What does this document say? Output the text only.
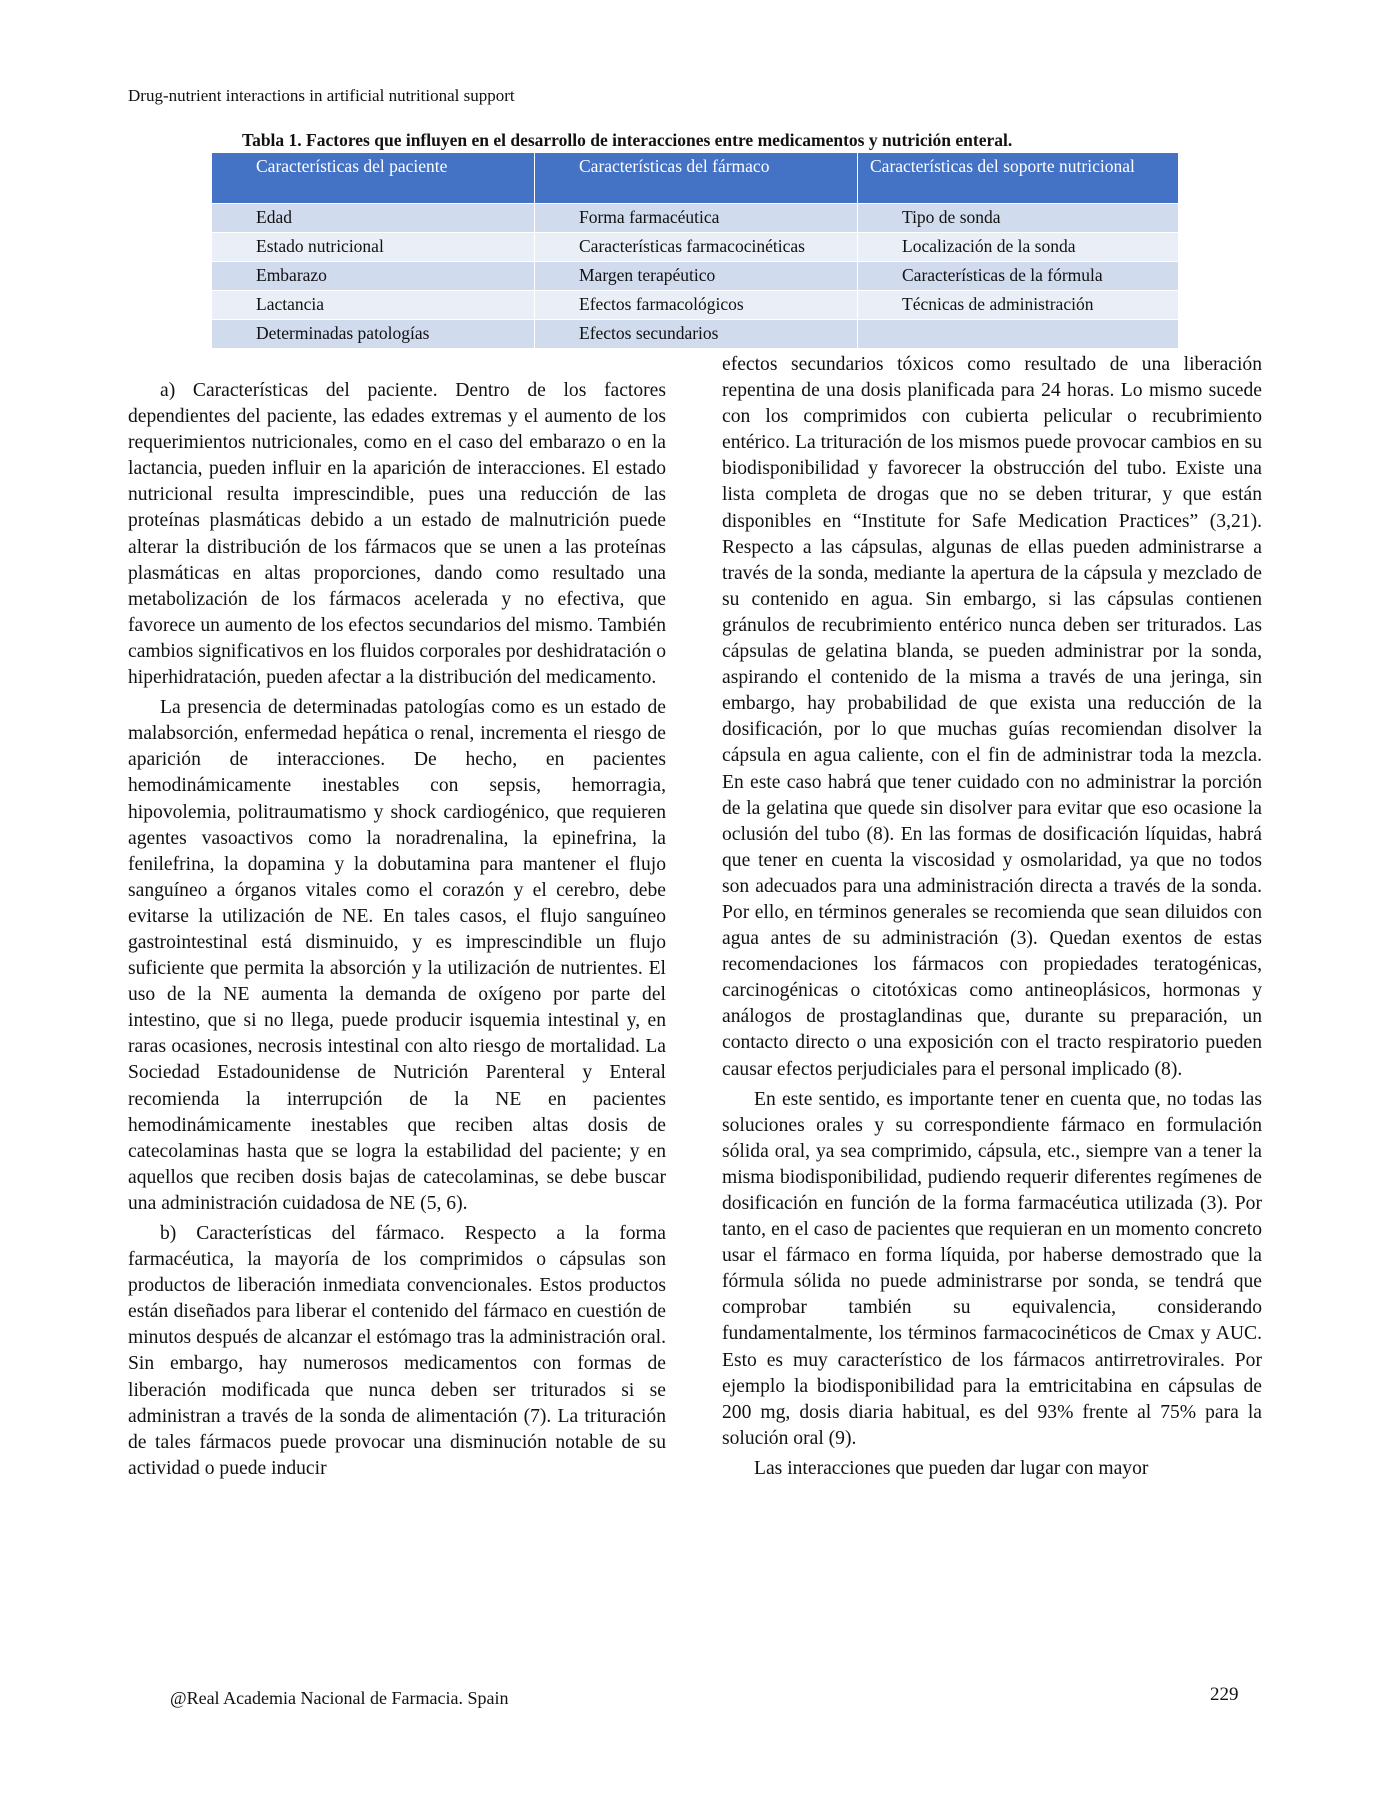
Drug-nutrient interactions in artificial nutritional support
Tabla 1. Factores que influyen en el desarrollo de interacciones entre medicamentos y nutrición enteral.
Características del paciente	Características del fármaco	Características del soporte nutricional
Edad	Forma farmacéutica	Tipo de sonda
Estado nutricional	Características farmacocinéticas	Localización de la sonda
Embarazo	Margen terapéutico	Características de la fórmula
Lactancia	Efectos farmacológicos	Técnicas de administración
Determinadas patologías	Efectos secundarios	

a) Características del paciente. Dentro de los factores dependientes del paciente, las edades extremas y el aumento de los requerimientos nutricionales, como en el caso del embarazo o en la lactancia, pueden influir en la aparición de interacciones. El estado nutricional resulta imprescindible, pues una reducción de las proteínas plasmáticas debido a un estado de malnutrición puede alterar la distribución de los fármacos que se unen a las proteínas plasmáticas en altas proporciones, dando como resultado una metabolización de los fármacos acelerada y no efectiva, que favorece un aumento de los efectos secundarios del mismo. También cambios significativos en los fluidos corporales por deshidratación o hiperhidratación, pueden afectar a la distribución del medicamento.

La presencia de determinadas patologías como es un estado de malabsorción, enfermedad hepática o renal, incrementa el riesgo de aparición de interacciones. De hecho, en pacientes hemodinámicamente inestables con sepsis, hemorragia, hipovolemia, politraumatismo y shock cardiogénico, que requieren agentes vasoactivos como la noradrenalina, la epinefrina, la fenilefrina, la dopamina y la dobutamina para mantener el flujo sanguíneo a órganos vitales como el corazón y el cerebro, debe evitarse la utilización de NE. En tales casos, el flujo sanguíneo gastrointestinal está disminuido, y es imprescindible un flujo suficiente que permita la absorción y la utilización de nutrientes. El uso de la NE aumenta la demanda de oxígeno por parte del intestino, que si no llega, puede producir isquemia intestinal y, en raras ocasiones, necrosis intestinal con alto riesgo de mortalidad. La Sociedad Estadounidense de Nutrición Parenteral y Enteral recomienda la interrupción de la NE en pacientes hemodinámicamente inestables que reciben altas dosis de catecolaminas hasta que se logra la estabilidad del paciente; y en aquellos que reciben dosis bajas de catecolaminas, se debe buscar una administración cuidadosa de NE (5, 6).

b) Características del fármaco. Respecto a la forma farmacéutica, la mayoría de los comprimidos o cápsulas son productos de liberación inmediata convencionales. Estos productos están diseñados para liberar el contenido del fármaco en cuestión de minutos después de alcanzar el estómago tras la administración oral. Sin embargo, hay numerosos medicamentos con formas de liberación modificada que nunca deben ser triturados si se administran a través de la sonda de alimentación (7). La trituración de tales fármacos puede provocar una disminución notable de su actividad o puede inducir

efectos secundarios tóxicos como resultado de una liberación repentina de una dosis planificada para 24 horas. Lo mismo sucede con los comprimidos con cubierta pelicular o recubrimiento entérico. La trituración de los mismos puede provocar cambios en su biodisponibilidad y favorecer la obstrucción del tubo. Existe una lista completa de drogas que no se deben triturar, y que están disponibles en “Institute for Safe Medication Practices” (3,21). Respecto a las cápsulas, algunas de ellas pueden administrarse a través de la sonda, mediante la apertura de la cápsula y mezclado de su contenido en agua. Sin embargo, si las cápsulas contienen gránulos de recubrimiento entérico nunca deben ser triturados. Las cápsulas de gelatina blanda, se pueden administrar por la sonda, aspirando el contenido de la misma a través de una jeringa, sin embargo, hay probabilidad de que exista una reducción de la dosificación, por lo que muchas guías recomiendan disolver la cápsula en agua caliente, con el fin de administrar toda la mezcla. En este caso habrá que tener cuidado con no administrar la porción de la gelatina que quede sin disolver para evitar que eso ocasione la oclusión del tubo (8). En las formas de dosificación líquidas, habrá que tener en cuenta la viscosidad y osmolaridad, ya que no todos son adecuados para una administración directa a través de la sonda. Por ello, en términos generales se recomienda que sean diluidos con agua antes de su administración (3). Quedan exentos de estas recomendaciones los fármacos con propiedades teratogénicas, carcinogénicas o citotóxicas como antineoplásicos, hormonas y análogos de prostaglandinas que, durante su preparación, un contacto directo o una exposición con el tracto respiratorio pueden causar efectos perjudiciales para el personal implicado (8).

En este sentido, es importante tener en cuenta que, no todas las soluciones orales y su correspondiente fármaco en formulación sólida oral, ya sea comprimido, cápsula, etc., siempre van a tener la misma biodisponibilidad, pudiendo requerir diferentes regímenes de dosificación en función de la forma farmacéutica utilizada (3). Por tanto, en el caso de pacientes que requieran en un momento concreto usar el fármaco en forma líquida, por haberse demostrado que la fórmula sólida no puede administrarse por sonda, se tendrá que comprobar también su equivalencia, considerando fundamentalmente, los términos farmacocinéticos de Cmax y AUC. Esto es muy característico de los fármacos antirretrovirales. Por ejemplo la biodisponibilidad para la emtricitabina en cápsulas de 200 mg, dosis diaria habitual, es del 93% frente al 75% para la solución oral (9).

Las interacciones que pueden dar lugar con mayor

@Real Academia Nacional de Farmacia. Spain	229
